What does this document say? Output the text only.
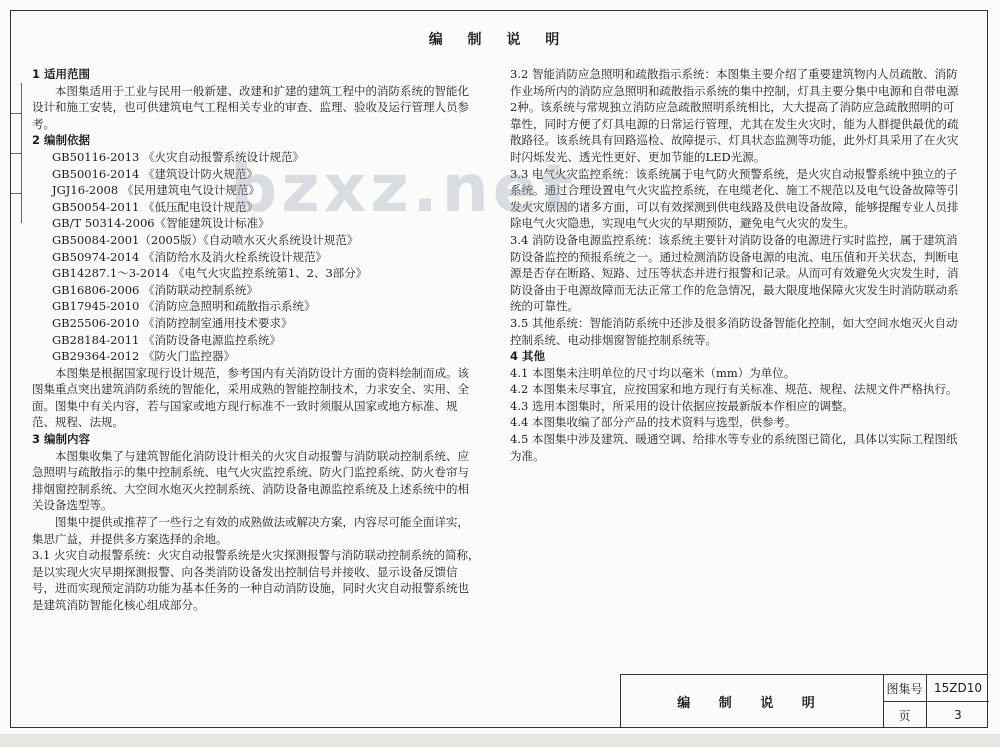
编 制 说 明
1 适用范围
本图集适用于工业与民用一般新建、改建和扩建的建筑工程中的消防系统的智能化设计和施工安装，也可供建筑电气工程相关专业的审查、监理、验收及运行管理人员参考。
2 编制依据
GB50116-2013 《火灾自动报警系统设计规范》
GB50016-2014 《建筑设计防火规范》
JGJ16-2008 《民用建筑电气设计规范》
GB50054-2011 《低压配电设计规范》
GB/T 50314-2006《智能建筑设计标准》
GB50084-2001（2005版）《自动喷水灭火系统设计规范》
GB50974-2014 《消防给水及消火栓系统设计规范》
GB14287.1～3-2014 《电气火灾监控系统第1、2、3部分》
GB16806-2006 《消防联动控制系统》
GB17945-2010 《消防应急照明和疏散指示系统》
GB25506-2010 《消防控制室通用技术要求》
GB28184-2011 《消防设备电源监控系统》
GB29364-2012 《防火门监控器》
本图集是根据国家现行设计规范，参考国内有关消防设计方面的资料绘制而成。该图集重点突出建筑消防系统的智能化，采用成熟的智能控制技术，力求安全、实用、全面。图集中有关内容，若与国家或地方现行标准不一致时须服从国家或地方标准、规范、规程、法规。
3 编制内容
本图集收集了与建筑智能化消防设计相关的火灾自动报警与消防联动控制系统、应急照明与疏散指示的集中控制系统、电气火灾监控系统、防火门监控系统、防火卷帘与排烟窗控制系统、大空间水炮灭火控制系统、消防设备电源监控系统及上述系统中的相关设备选型等。
图集中提供或推荐了一些行之有效的成熟做法或解决方案，内容尽可能全面详实，集思广益，并提供多方案选择的余地。
3.1 火灾自动报警系统：火灾自动报警系统是火灾探测报警与消防联动控制系统的简称，是以实现火灾早期探测报警、向各类消防设备发出控制信号并接收、显示设备反馈信号，进而实现预定消防功能为基本任务的一种自动消防设施，同时火灾自动报警系统也是建筑消防智能化核心组成部分。
3.2 智能消防应急照明和疏散指示系统：本图集主要介绍了重要建筑物内人员疏散、消防作业场所内的消防应急照明和疏散指示系统的集中控制，灯具主要分集中电源和自带电源2种。该系统与常规独立消防应急疏散照明系统相比，大大提高了消防应急疏散照明的可靠性，同时方便了灯具电源的日常运行管理，尤其在发生火灾时，能为人群提供最优的疏散路径。该系统具有回路巡检、故障提示、灯具状态监测等功能，此外灯具采用了在火灾时闪烁发光、透光性更好、更加节能的LED光源。
3.3 电气火灾监控系统：该系统属于电气防火预警系统，是火灾自动报警系统中独立的子系统。通过合理设置电气火灾监控系统，在电缆老化、施工不规范以及电气设备故障等引发火灾原因的诸多方面，可以有效探测到供电线路及供电设备故障，能够提醒专业人员排除电气火灾隐患，实现电气火灾的早期预防，避免电气火灾的发生。
3.4 消防设备电源监控系统：该系统主要针对消防设备的电源进行实时监控，属于建筑消防设备监控的预报系统之一。通过检测消防设备电源的电流、电压值和开关状态，判断电源是否存在断路、短路、过压等状态并进行报警和记录。从而可有效避免火灾发生时，消防设备由于电源故障而无法正常工作的危急情况，最大限度地保障火灾发生时消防联动系统的可靠性。
3.5 其他系统：智能消防系统中还涉及很多消防设备智能化控制，如大空间水炮灭火自动控制系统、电动排烟窗智能控制系统等。
4 其他
4.1 本图集未注明单位的尺寸均以毫米（mm）为单位。
4.2 本图集未尽事宜，应按国家和地方现行有关标准、规范、规程、法规文件严格执行。
4.3 选用本图集时，所采用的设计依据应按最新版本作相应的调整。
4.4 本图集收编了部分产品的技术资料与选型，供参考。
4.5 本图集中涉及建筑、暖通空调、给排水等专业的系统图已简化，具体以实际工程图纸为准。
bzxz.net
编 制 说 明
图集号 15ZD10
页	3
